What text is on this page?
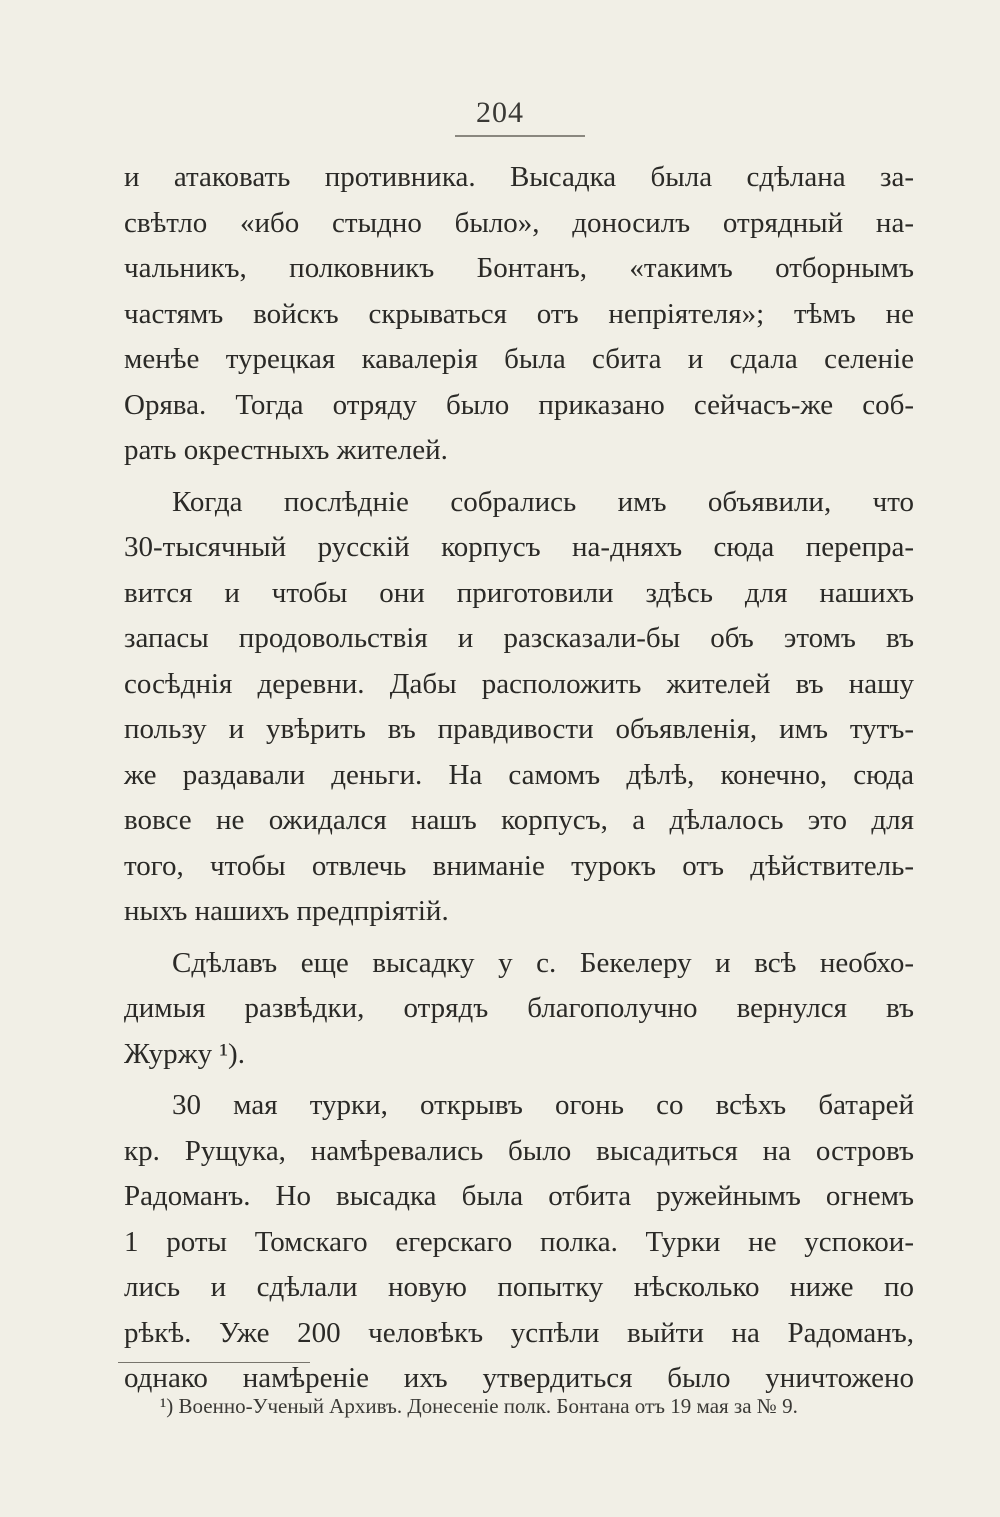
204
и атаковать противника. Высадка была сдѣлана за-
свѣтло «ибо стыдно было», доносилъ отрядный на-
чальникъ, полковникъ Бонтанъ, «такимъ отборнымъ
частямъ войскъ скрываться отъ непріятеля»; тѣмъ не
менѣе турецкая кавалерія была сбита и сдала селеніе
Орява. Тогда отряду было приказано сейчасъ-же соб-
рать окрестныхъ жителей.
Когда послѣдніе собрались имъ объявили, что
30-тысячный русскій корпусъ на-дняхъ сюда перепра-
вится и чтобы они приготовили здѣсь для нашихъ
запасы продовольствія и разсказали-бы объ этомъ въ
сосѣднія деревни. Дабы расположить жителей въ нашу
пользу и увѣрить въ правдивости объявленія, имъ тутъ-
же раздавали деньги. На самомъ дѣлѣ, конечно, сюда
вовсе не ожидался нашъ корпусъ, а дѣлалось это для
того, чтобы отвлечь вниманіе турокъ отъ дѣйствитель-
ныхъ нашихъ предпріятій.
Сдѣлавъ еще высадку у с. Бекелеру и всѣ необхо-
димыя развѣдки, отрядъ благополучно вернулся въ
Журжу ¹).
30 мая турки, открывъ огонь со всѣхъ батарей
кр. Рущука, намѣревались было высадиться на островъ
Радоманъ. Но высадка была отбита ружейнымъ огнемъ
1 роты Томскаго егерскаго полка. Турки не успокои-
лись и сдѣлали новую попытку нѣсколько ниже по
рѣкѣ. Уже 200 человѣкъ успѣли выйти на Радоманъ,
однако намѣреніе ихъ утвердиться было уничтожено
¹) Военно-Ученый Архивъ. Донесеніе полк. Бонтана отъ 19 мая за № 9.
